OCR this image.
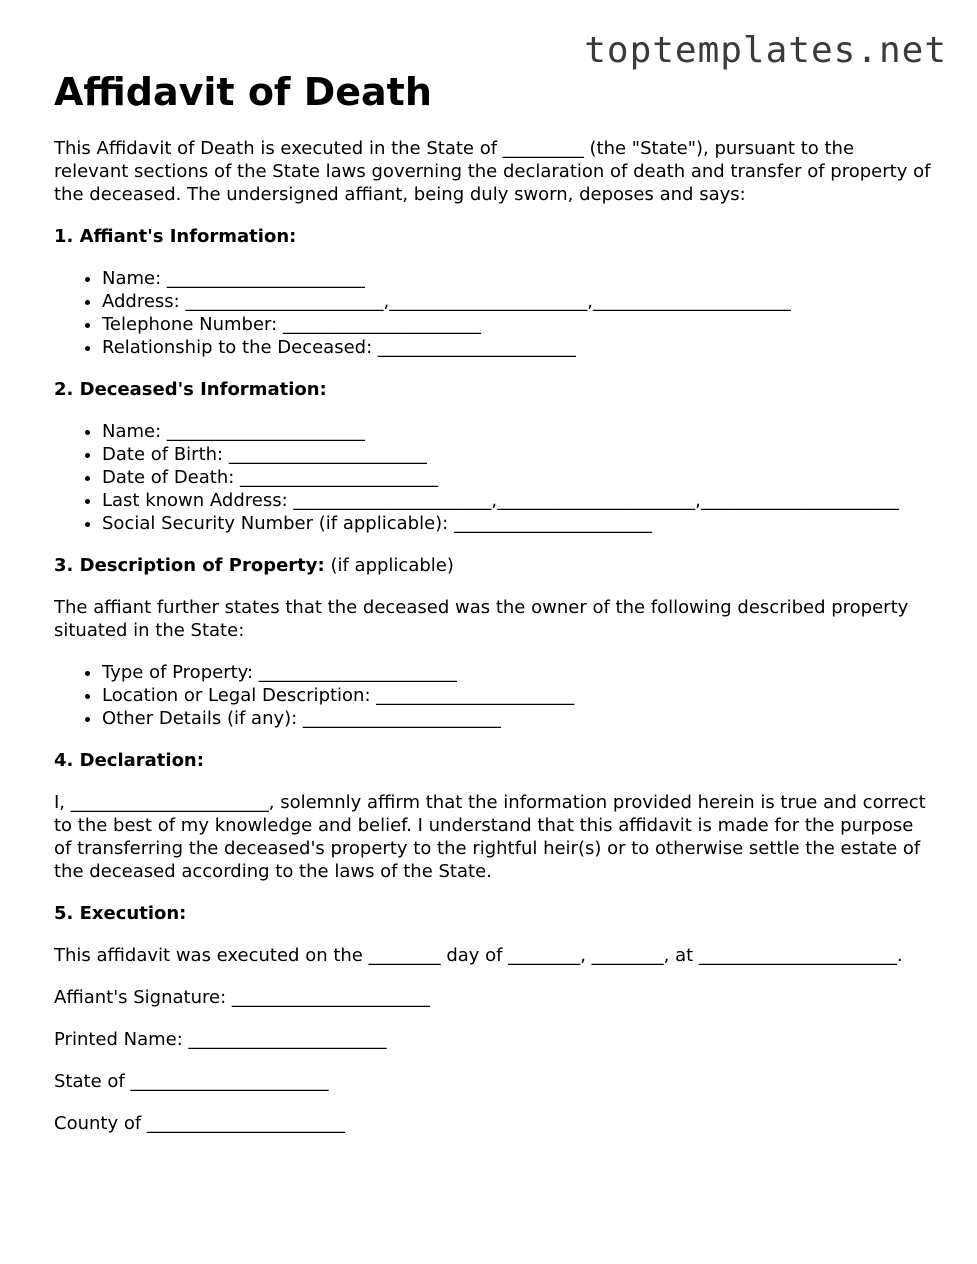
toptemplates.net
Affidavit of Death

This Affidavit of Death is executed in the State of _________ (the "State"), pursuant to the relevant sections of the State laws governing the declaration of death and transfer of property of the deceased. The undersigned affiant, being duly sworn, deposes and says:

1. Affiant's Information:
• Name: ______________________
• Address: ______________________,______________________,______________________
• Telephone Number: ______________________
• Relationship to the Deceased: ______________________
2. Deceased's Information:
• Name: ______________________
• Date of Birth: ______________________
• Date of Death: ______________________
• Last known Address: ______________________,______________________,______________________
• Social Security Number (if applicable): ______________________
3. Description of Property: (if applicable)

The affiant further states that the deceased was the owner of the following described property situated in the State:

• Type of Property: ______________________
• Location or Legal Description: ______________________
• Other Details (if any): ______________________
4. Declaration:

I, ______________________, solemnly affirm that the information provided herein is true and correct to the best of my knowledge and belief. I understand that this affidavit is made for the purpose of transferring the deceased's property to the rightful heir(s) or to otherwise settle the estate of the deceased according to the laws of the State.

5. Execution:

This affidavit was executed on the ________ day of ________, ________, at ______________________.

Affiant's Signature: ______________________
Printed Name: ______________________
State of ______________________
County of ______________________
